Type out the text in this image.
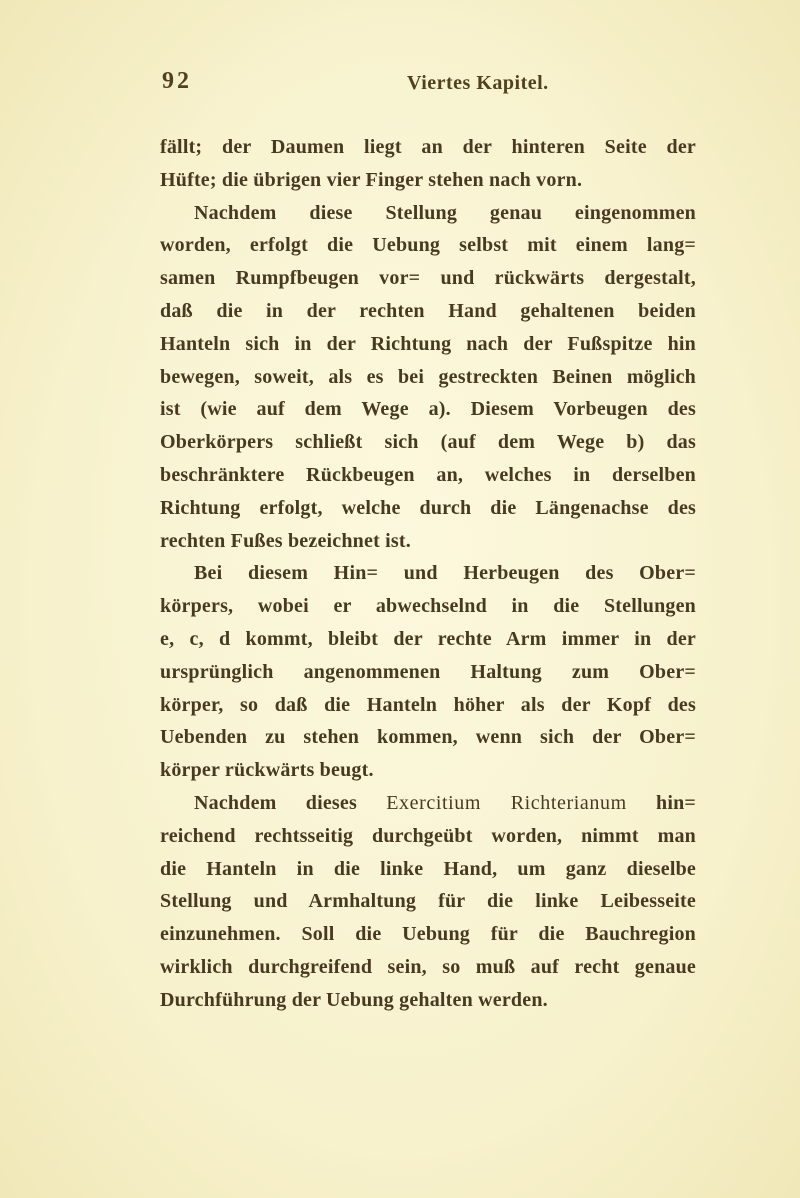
92	Viertes Kapitel.
fällt; der Daumen liegt an der hinteren Seite der
Hüfte; die übrigen vier Finger stehen nach vorn.
Nachdem diese Stellung genau eingenommen
worden, erfolgt die Uebung selbst mit einem lang=
samen Rumpfbeugen vor= und rückwärts dergestalt,
daß die in der rechten Hand gehaltenen beiden
Hanteln sich in der Richtung nach der Fußspitze hin
bewegen, soweit, als es bei gestreckten Beinen möglich
ist (wie auf dem Wege a). Diesem Vorbeugen des
Oberkörpers schließt sich (auf dem Wege b) das
beschränktere Rückbeugen an, welches in derselben
Richtung erfolgt, welche durch die Längenachse des
rechten Fußes bezeichnet ist.
Bei diesem Hin= und Herbeugen des Ober=
körpers, wobei er abwechselnd in die Stellungen
e, c, d kommt, bleibt der rechte Arm immer in der
ursprünglich angenommenen Haltung zum Ober=
körper, so daß die Hanteln höher als der Kopf des
Uebenden zu stehen kommen, wenn sich der Ober=
körper rückwärts beugt.
Nachdem dieses Exercitium Richterianum hin=
reichend rechtsseitig durchgeübt worden, nimmt man
die Hanteln in die linke Hand, um ganz dieselbe
Stellung und Armhaltung für die linke Leibesseite
einzunehmen. Soll die Uebung für die Bauchregion
wirklich durchgreifend sein, so muß auf recht genaue
Durchführung der Uebung gehalten werden.
